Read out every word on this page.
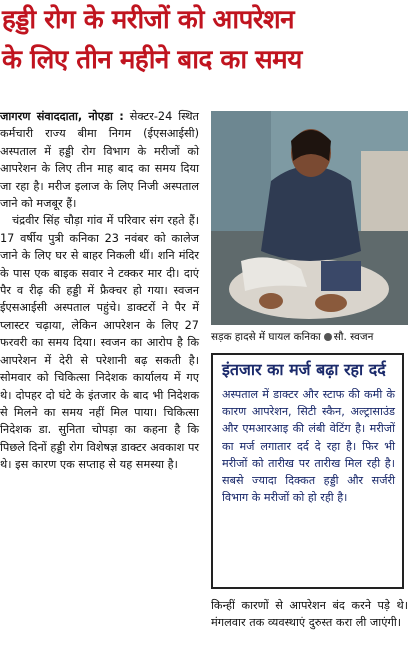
हड्डी रोग के मरीजों को आपरेशन
के लिए तीन महीने बाद का समय

जागरण संवाददाता, नोएडा : सेक्टर-24 स्थित कर्मचारी राज्य बीमा निगम (ईएसआईसी) अस्पताल में हड्डी रोग विभाग के मरीजों को आपरेशन के लिए तीन माह बाद का समय दिया जा रहा है। मरीज इलाज के लिए निजी अस्पताल जाने को मजबूर हैं।

चंद्रवीर सिंह चौड़ा गांव में परिवार संग रहते हैं। 17 वर्षीय पुत्री कनिका 23 नवंबर को कालेज जाने के लिए घर से बाहर निकली थीं। शनि मंदिर के पास एक बाइक सवार ने टक्कर मार दी। दाएं पैर व रीढ़ की हड्डी में फ्रैक्चर हो गया। स्वजन ईएसआईसी अस्पताल पहुंचे। डाक्टरों ने पैर में प्लास्टर चढ़ाया, लेकिन आपरेशन के लिए 27 फरवरी का समय दिया। स्वजन का आरोप है कि आपरेशन में देरी से परेशानी बढ़ सकती है। सोमवार को चिकित्सा निदेशक कार्यालय में गए थे। दोपहर दो घंटे के इंतजार के बाद भी निदेशक से मिलने का समय नहीं मिल पाया। चिकित्सा निदेशक डा. सुनिता चोपड़ा का कहना है कि पिछले दिनों हड्डी रोग विशेषज्ञ डाक्टर अवकाश पर थे। इस कारण एक सप्ताह से यह समस्या है।

सड़क हादसे में घायल कनिका सौ. स्वजन
इंतजार का मर्ज बढ़ा रहा दर्द

अस्पताल में डाक्टर और स्टाफ की कमी के कारण आपरेशन, सिटी स्कैन, अल्ट्रासाउंड और एमआरआइ की लंबी वेटिंग है। मरीजों का मर्ज लगातार दर्द दे रहा है। फिर भी मरीजों को तारीख पर तारीख मिल रही है। सबसे ज्यादा दिक्कत हड्डी और सर्जरी विभाग के मरीजों को हो रही है।

किन्हीं कारणों से आपरेशन बंद करने पड़े थे। मंगलवार तक व्यवस्थाएं दुरुस्त करा ली जाएंगी।
